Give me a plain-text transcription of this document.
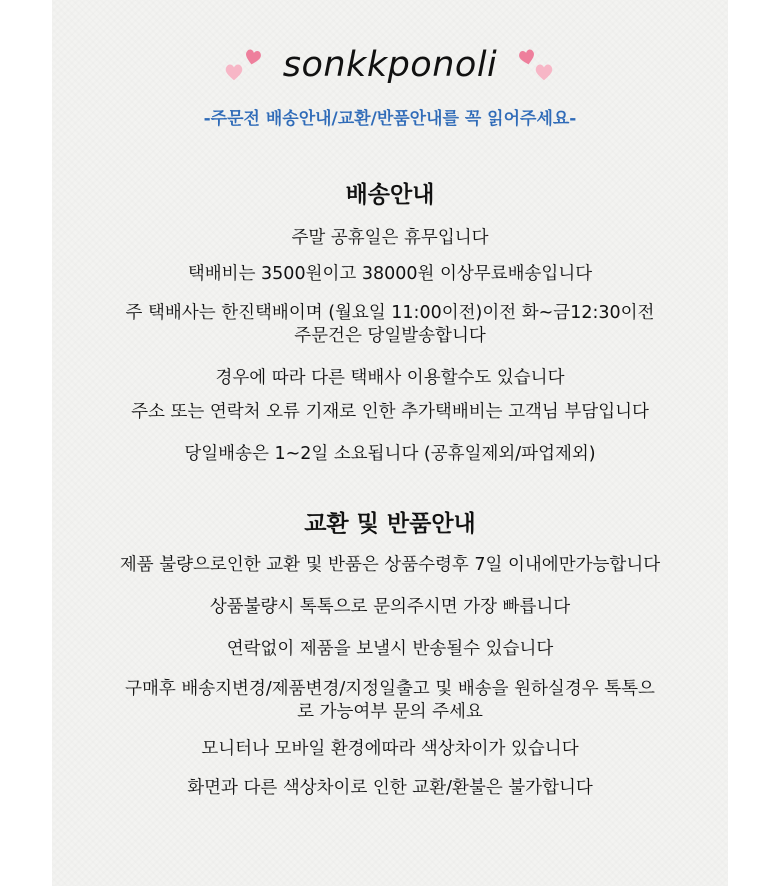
sonkkponoli
-주문전 배송안내/교환/반품안내를 꼭 읽어주세요-
배송안내
주말 공휴일은 휴무입니다
택배비는 3500원이고 38000원 이상무료배송입니다
주 택배사는 한진택배이며 (월요일 11:00이전)이전 화~금12:30이전
주문건은 당일발송합니다
경우에 따라 다른 택배사 이용할수도 있습니다
주소 또는 연락처 오류 기재로 인한 추가택배비는 고객님 부담입니다
당일배송은 1~2일 소요됩니다 (공휴일제외/파업제외)
교환 및 반품안내
제품 불량으로인한 교환 및 반품은 상품수령후 7일 이내에만가능합니다
상품불량시 톡톡으로 문의주시면 가장 빠릅니다
연락없이 제품을 보낼시 반송될수 있습니다
구매후 배송지변경/제품변경/지정일출고 및 배송을 원하실경우 톡톡으
로 가능여부 문의 주세요
모니터나 모바일 환경에따라 색상차이가 있습니다
화면과 다른 색상차이로 인한 교환/환불은 불가합니다
